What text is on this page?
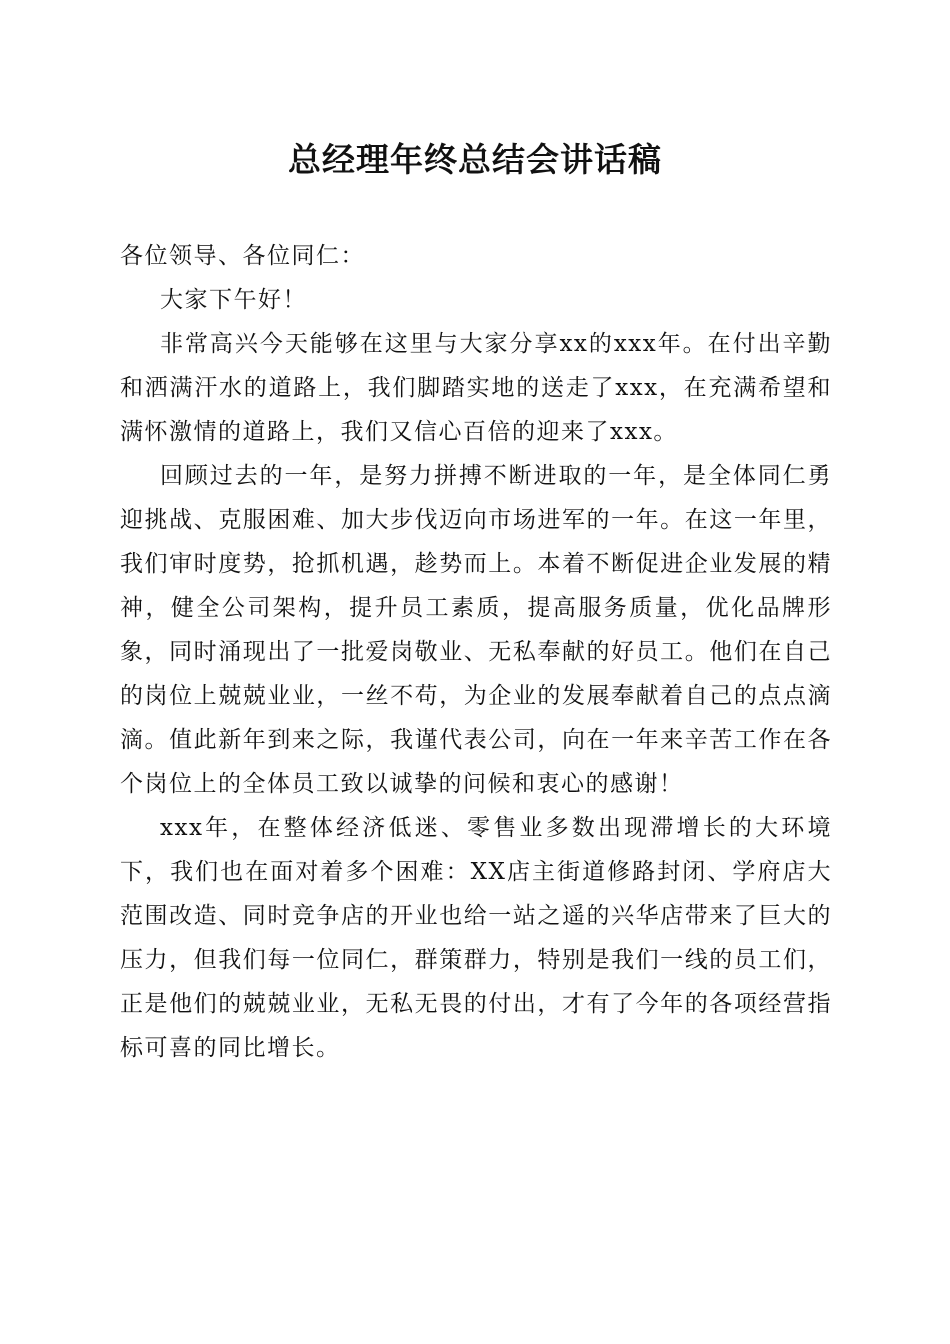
总经理年终总结会讲话稿

各位领导、各位同仁：

大家下午好！

非常高兴今天能够在这里与大家分享xx的xxx年。在付出辛勤和洒满汗水的道路上，我们脚踏实地的送走了xxx，在充满希望和满怀激情的道路上，我们又信心百倍的迎来了xxx。

回顾过去的一年，是努力拼搏不断进取的一年，是全体同仁勇迎挑战、克服困难、加大步伐迈向市场进军的一年。在这一年里，我们审时度势，抢抓机遇，趁势而上。本着不断促进企业发展的精神，健全公司架构，提升员工素质，提高服务质量，优化品牌形象，同时涌现出了一批爱岗敬业、无私奉献的好员工。他们在自己的岗位上兢兢业业，一丝不苟，为企业的发展奉献着自己的点点滴滴。值此新年到来之际，我谨代表公司，向在一年来辛苦工作在各个岗位上的全体员工致以诚挚的问候和衷心的感谢！

xxx年，在整体经济低迷、零售业多数出现滞增长的大环境下，我们也在面对着多个困难：XX店主街道修路封闭、学府店大范围改造、同时竞争店的开业也给一站之遥的兴华店带来了巨大的压力，但我们每一位同仁，群策群力，特别是我们一线的员工们，正是他们的兢兢业业，无私无畏的付出，才有了今年的各项经营指标可喜的同比增长。
